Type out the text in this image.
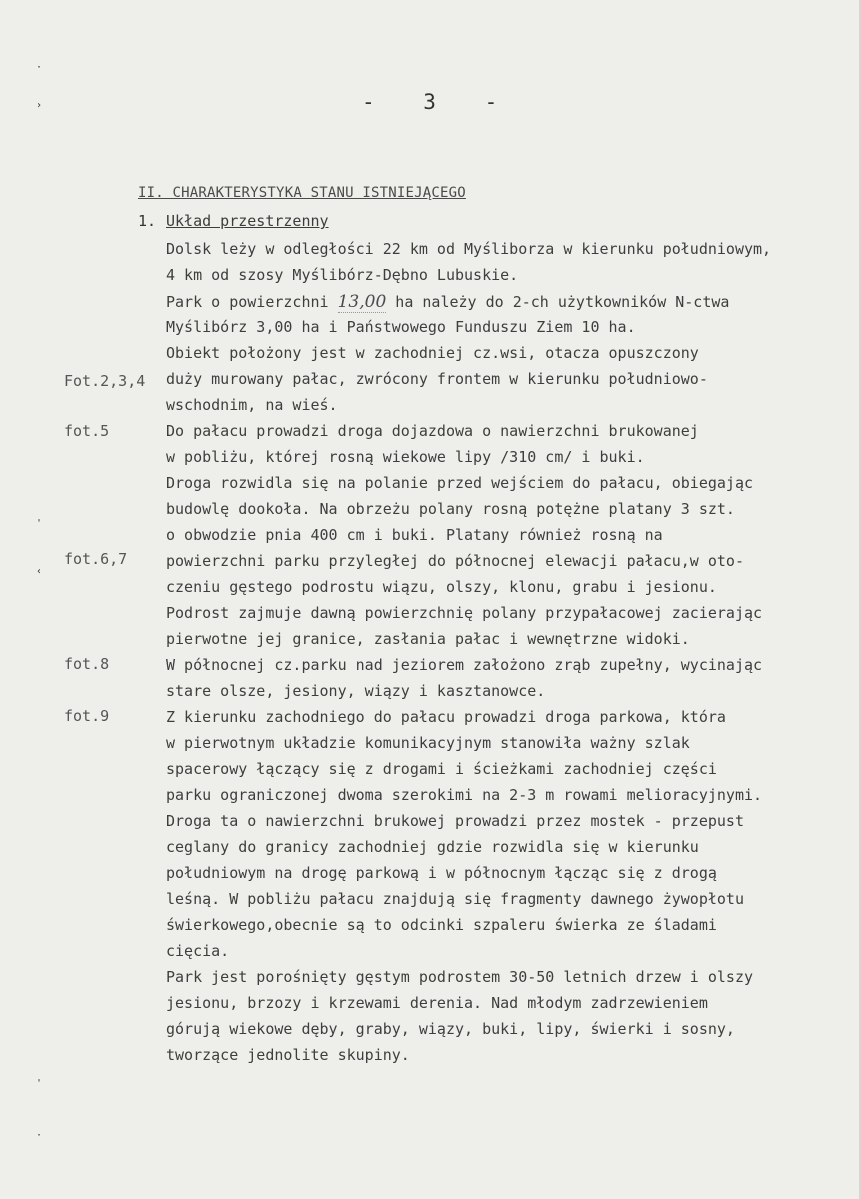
·
›
'
‹
'
·
- 3 -
II. CHARAKTERYSTYKA STANU ISTNIEJĄCEGO
1. Układ przestrzenny
Fot.2,3,4
fot.5
fot.6,7
fot.8
fot.9
Dolsk leży w odległości 22 km od Myśliborza w kierunku południowym,
4 km od szosy Myślibórz-Dębno Lubuskie.
Park o powierzchni 13,00 ha należy do 2-ch użytkowników N-ctwa
Myślibórz 3,00 ha i Państwowego Funduszu Ziem 10 ha.
Obiekt położony jest w zachodniej cz.wsi, otacza opuszczony
duży murowany pałac, zwrócony frontem w kierunku południowo-
wschodnim, na wieś.
Do pałacu prowadzi droga dojazdowa o nawierzchni brukowanej
w pobliżu, której rosną wiekowe lipy /310 cm/ i buki.
Droga rozwidla się na polanie przed wejściem do pałacu, obiegając
budowlę dookoła. Na obrzeżu polany rosną potężne platany 3 szt.
o obwodzie pnia 400 cm i buki. Platany również rosną na
powierzchni parku przyległej do północnej elewacji pałacu,w oto-
czeniu gęstego podrostu wiązu, olszy, klonu, grabu i jesionu.
Podrost zajmuje dawną powierzchnię polany przypałacowej zacierając
pierwotne jej granice, zasłania pałac i wewnętrzne widoki.
W północnej cz.parku nad jeziorem założono zrąb zupełny, wycinając
stare olsze, jesiony, wiązy i kasztanowce.
Z kierunku zachodniego do pałacu prowadzi droga parkowa, która
w pierwotnym układzie komunikacyjnym stanowiła ważny szlak
spacerowy łączący się z drogami i ścieżkami zachodniej części
parku ograniczonej dwoma szerokimi na 2-3 m rowami melioracyjnymi.
Droga ta o nawierzchni brukowej prowadzi przez mostek - przepust
ceglany do granicy zachodniej gdzie rozwidla się w kierunku
południowym na drogę parkową i w północnym łącząc się z drogą
leśną. W pobliżu pałacu znajdują się fragmenty dawnego żywopłotu
świerkowego,obecnie są to odcinki szpaleru świerka ze śladami
cięcia.
Park jest porośnięty gęstym podrostem 30-50 letnich drzew i olszy
jesionu, brzozy i krzewami derenia. Nad młodym zadrzewieniem
górują wiekowe dęby, graby, wiązy, buki, lipy, świerki i sosny,
tworzące jednolite skupiny.
